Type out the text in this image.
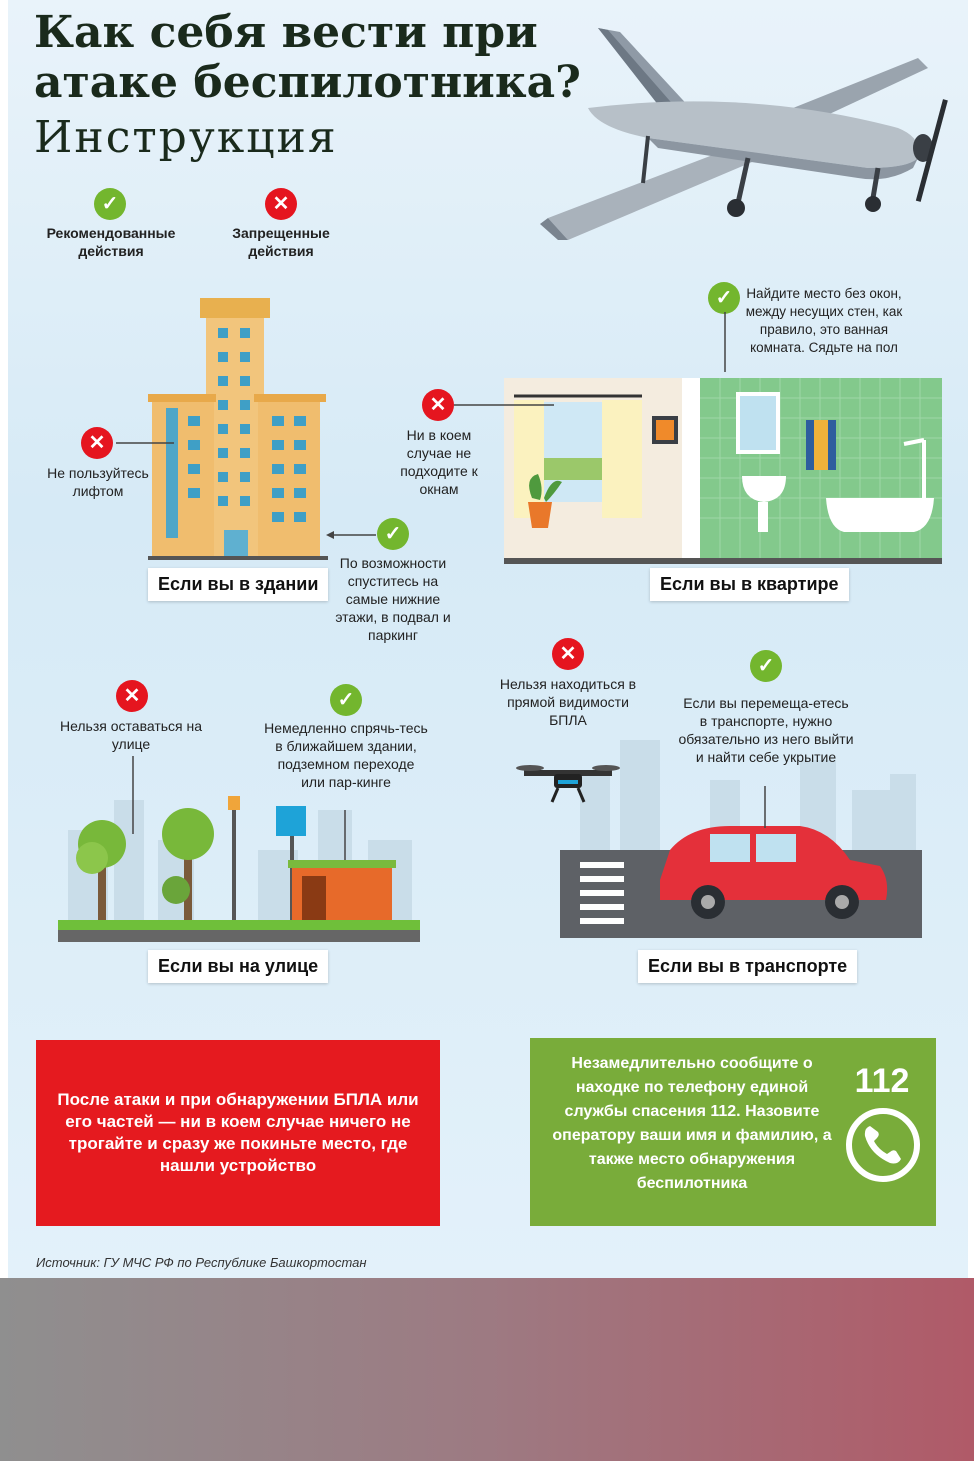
Как себя вести при
атаке беспилотника?
Инструкция
✓
Рекомендованные действия
✕
Запрещенные действия
✕
Не пользуйтесь лифтом
✓
По возможности спуститесь на самые нижние этажи, в подвал и паркинг
Если вы в здании
✕
Ни в коем случае не подходите к окнам
✓	Найдите место без окон, между несущих стен, как правило, это ванная комната. Сядьте на пол
Если вы в квартире
✕
Нельзя оставаться на улице
✓
Немедленно спрячь-тесь в ближайшем здании, подземном переходе или пар-кинге
Если вы на улице
✕
Нельзя находиться в прямой видимости БПЛА
✓
Если вы перемеща-етесь в транспорте, нужно обязательно из него выйти и найти себе укрытие
Если вы в транспорте
После атаки и при обнаружении БПЛА или его частей — ни в коем случае ничего не трогайте и сразу же покиньте место, где нашли устройство
Незамедлительно сообщите о находке по телефону единой службы спасения 112. Назовите оператору ваши имя и фамилию, а также место обнаружения беспилотника
112
Источник: ГУ МЧС РФ по Республике Башкортостан
